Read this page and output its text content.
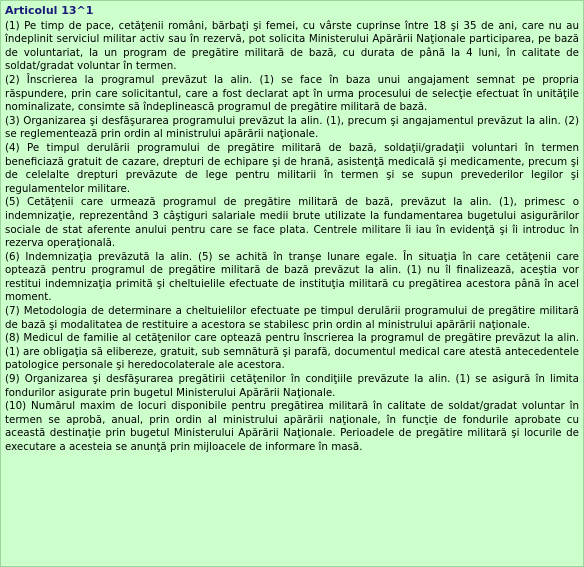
Articolul 13^1

(1) Pe timp de pace, cetăţenii români, bărbaţi şi femei, cu vârste cuprinse între 18 şi 35 de ani, care nu au îndeplinit serviciul militar activ sau în rezervă, pot solicita Ministerului Apărării Naţionale participarea, pe bază de voluntariat, la un program de pregătire militară de bază, cu durata de până la 4 luni, în calitate de soldat/gradat voluntar în termen.

(2) Înscrierea la programul prevăzut la alin. (1) se face în baza unui angajament semnat pe propria răspundere, prin care solicitantul, care a fost declarat apt în urma procesului de selecţie efectuat în unităţile nominalizate, consimte să îndeplinească programul de pregătire militară de bază.

(3) Organizarea şi desfăşurarea programului prevăzut la alin. (1), precum şi angajamentul prevăzut la alin. (2) se reglementează prin ordin al ministrului apărării naţionale.

(4) Pe timpul derulării programului de pregătire militară de bază, soldaţii/gradaţii voluntari în termen beneficiază gratuit de cazare, drepturi de echipare şi de hrană, asistenţă medicală şi medicamente, precum şi de celelalte drepturi prevăzute de lege pentru militarii în termen şi se supun prevederilor legilor şi regulamentelor militare.

(5) Cetăţenii care urmează programul de pregătire militară de bază, prevăzut la alin. (1), primesc o indemnizaţie, reprezentând 3 câştiguri salariale medii brute utilizate la fundamentarea bugetului asigurărilor sociale de stat aferente anului pentru care se face plata. Centrele militare îi iau în evidenţă şi îi introduc în rezerva operaţională.

(6) Indemnizaţia prevăzută la alin. (5) se achită în tranşe lunare egale. În situaţia în care cetăţenii care optează pentru programul de pregătire militară de bază prevăzut la alin. (1) nu îl finalizează, aceştia vor restitui indemnizaţia primită şi cheltuielile efectuate de instituţia militară cu pregătirea acestora până în acel moment.

(7) Metodologia de determinare a cheltuielilor efectuate pe timpul derulării programului de pregătire militară de bază şi modalitatea de restituire a acestora se stabilesc prin ordin al ministrului apărării naţionale.

(8) Medicul de familie al cetăţenilor care optează pentru înscrierea la programul de pregătire prevăzut la alin. (1) are obligaţia să elibereze, gratuit, sub semnătură şi parafă, documentul medical care atestă antecedentele patologice personale şi heredocolaterale ale acestora.

(9) Organizarea şi desfăşurarea pregătirii cetăţenilor în condiţiile prevăzute la alin. (1) se asigură în limita fondurilor asigurate prin bugetul Ministerului Apărării Naţionale.

(10) Numărul maxim de locuri disponibile pentru pregătirea militară în calitate de soldat/gradat voluntar în termen se aprobă, anual, prin ordin al ministrului apărării naţionale, în funcţie de fondurile aprobate cu această destinaţie prin bugetul Ministerului Apărării Naţionale. Perioadele de pregătire militară şi locurile de executare a acesteia se anunţă prin mijloacele de informare în masă.
